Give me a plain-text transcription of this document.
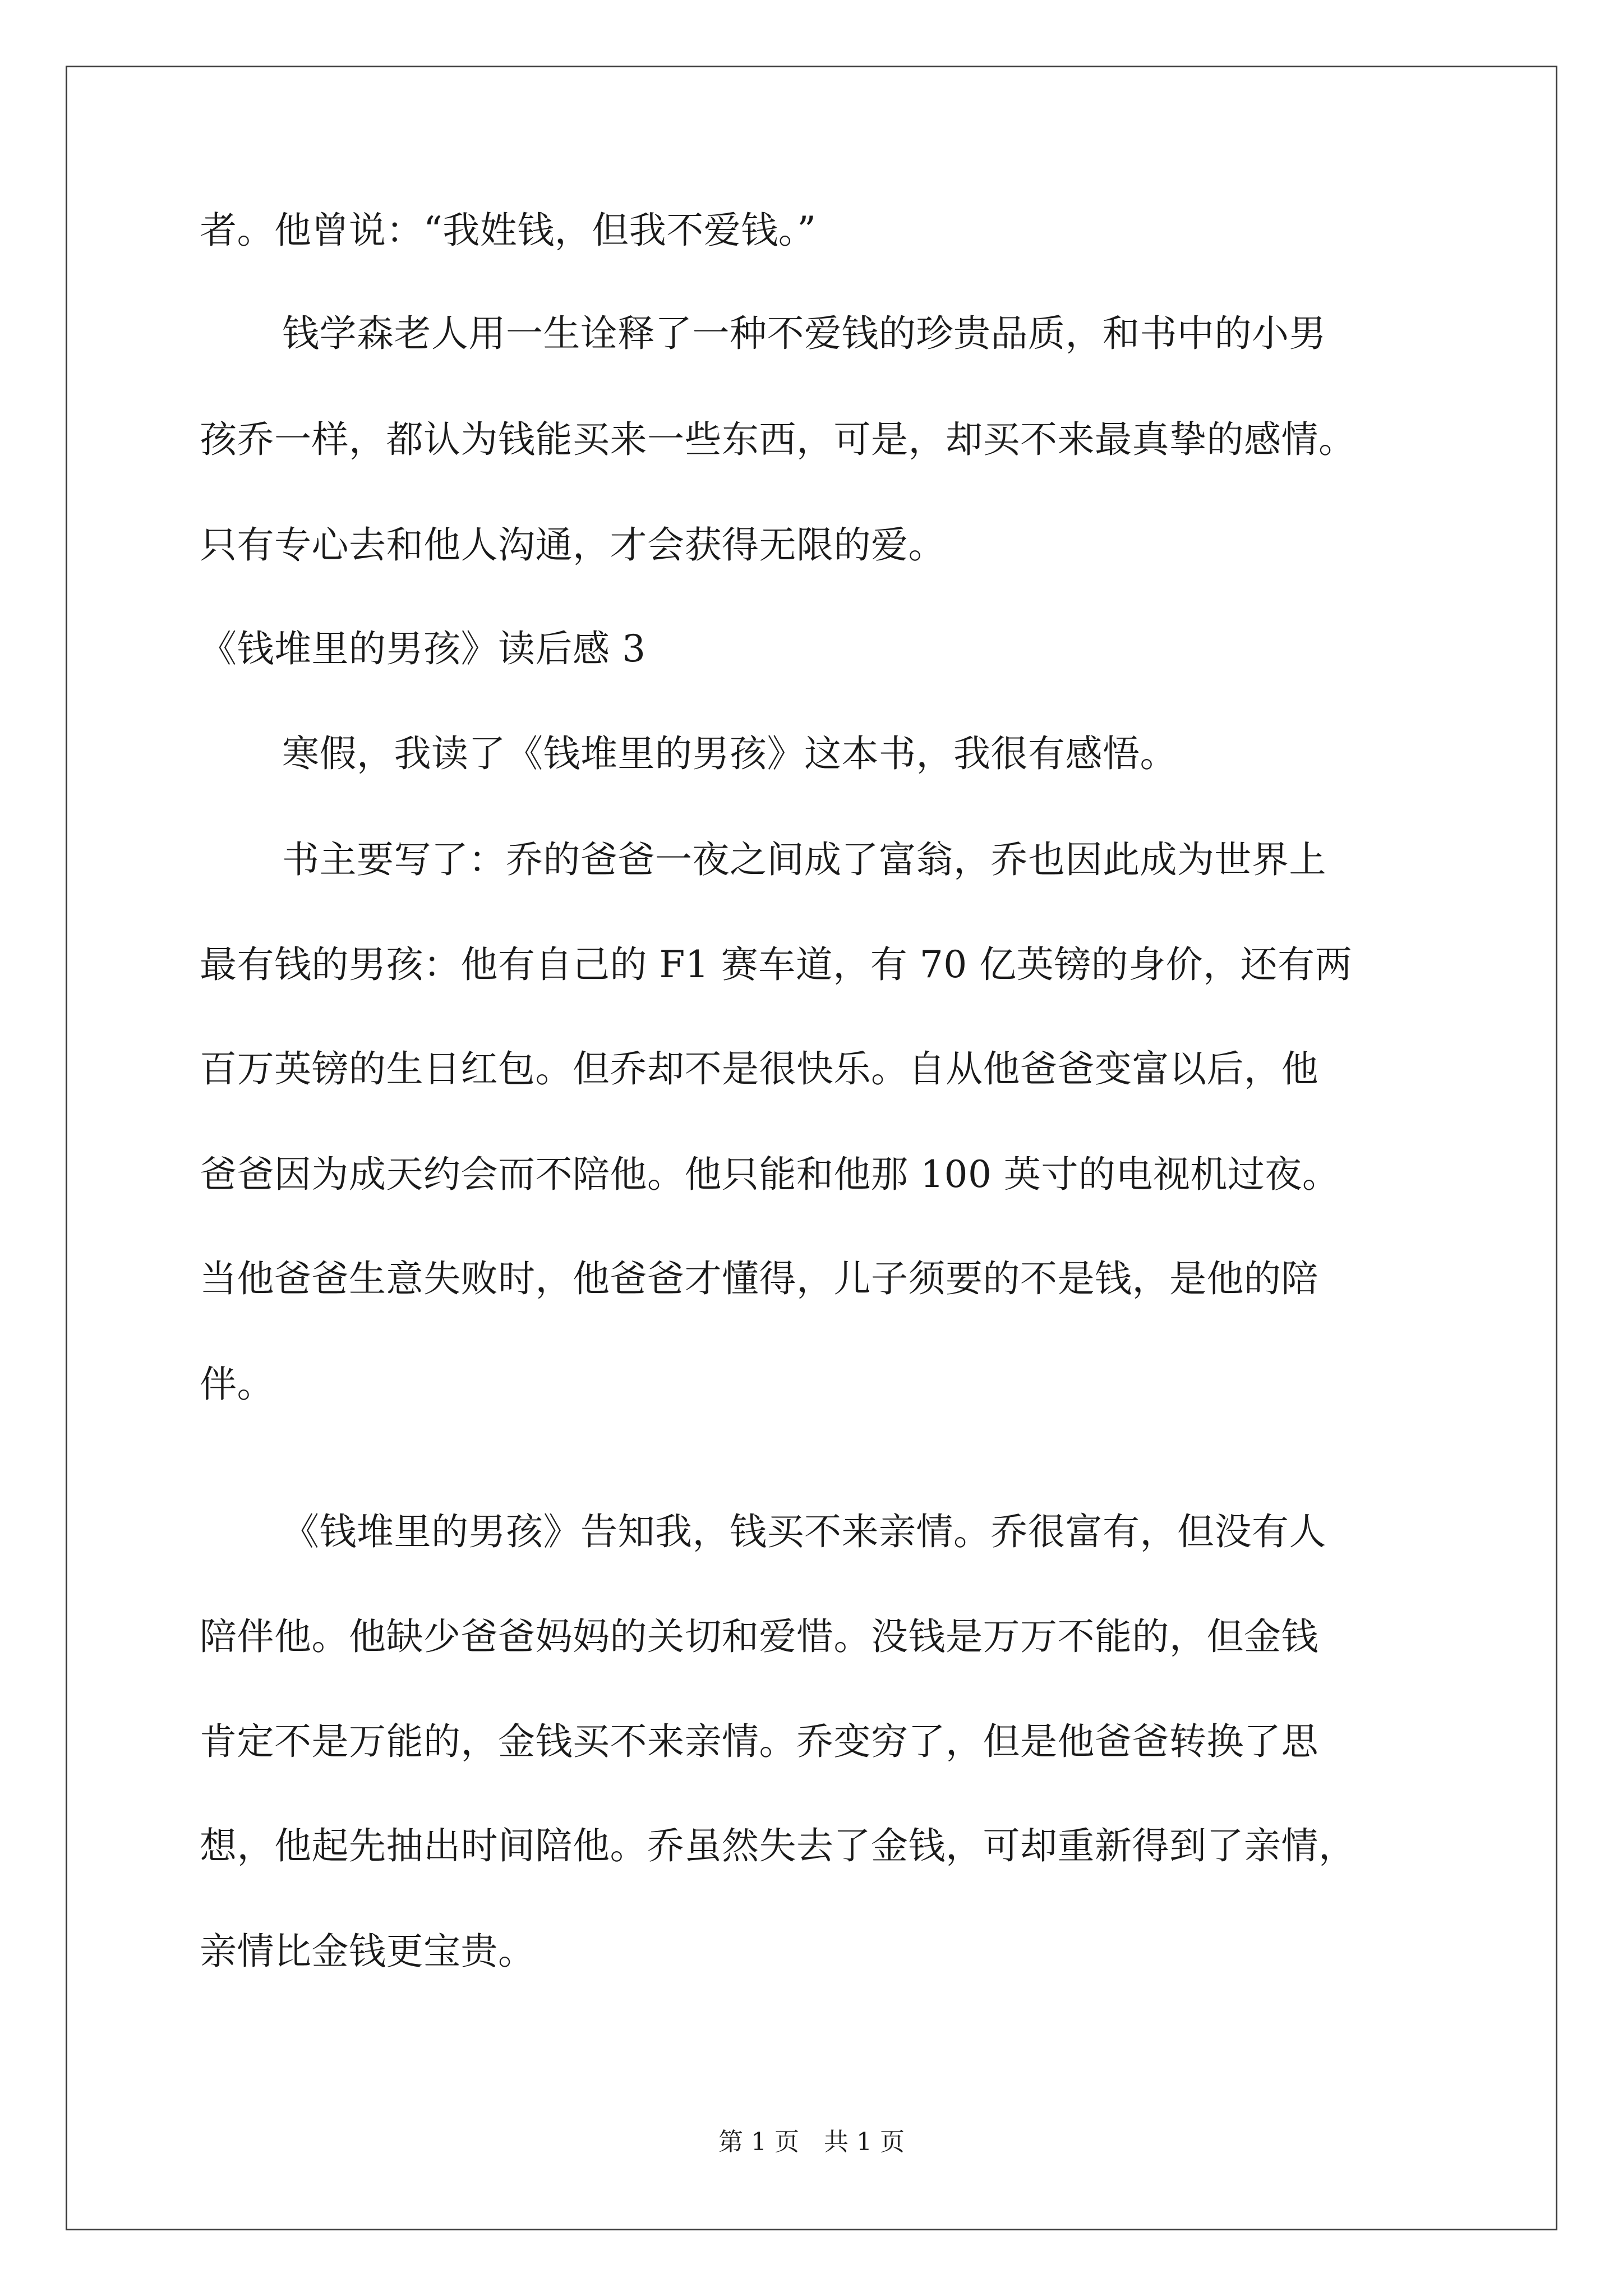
者。他曾说：“我姓钱，但我不爱钱。”
钱学森老人用一生诠释了一种不爱钱的珍贵品质，和书中的小男
孩乔一样，都认为钱能买来一些东西，可是，却买不来最真挚的感情。
只有专心去和他人沟通，才会获得无限的爱。
《钱堆里的男孩》读后感 3
寒假，我读了《钱堆里的男孩》这本书，我很有感悟。
书主要写了：乔的爸爸一夜之间成了富翁，乔也因此成为世界上
最有钱的男孩：他有自己的 F1 赛车道，有 70 亿英镑的身价，还有两
百万英镑的生日红包。但乔却不是很快乐。自从他爸爸变富以后，他
爸爸因为成天约会而不陪他。他只能和他那 100 英寸的电视机过夜。
当他爸爸生意失败时，他爸爸才懂得，儿子须要的不是钱，是他的陪
伴。
《钱堆里的男孩》告知我，钱买不来亲情。乔很富有，但没有人
陪伴他。他缺少爸爸妈妈的关切和爱惜。没钱是万万不能的，但金钱
肯定不是万能的，金钱买不来亲情。乔变穷了，但是他爸爸转换了思
想，他起先抽出时间陪他。乔虽然失去了金钱，可却重新得到了亲情，
亲情比金钱更宝贵。
第 1 页 共 1 页
